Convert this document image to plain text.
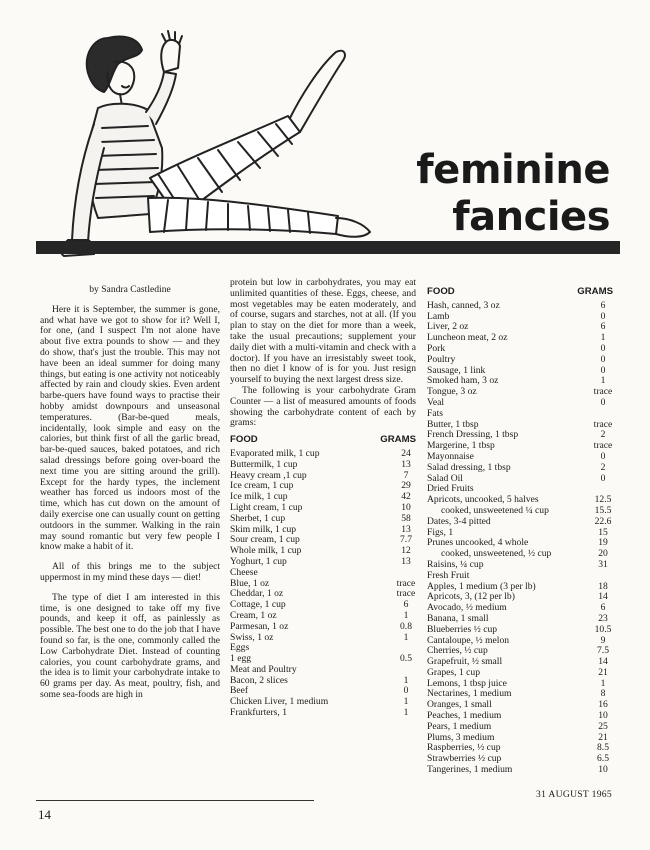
feminine
fancies
by Sandra Castledine

Here it is September, the summer is gone, and what have we got to show for it? Well I, for one, (and I suspect I'm not alone have about five extra pounds to show — and they do show, that's just the trouble. This may not have been an ideal summer for doing many things, but eating is one activity not noticeably affected by rain and cloudy skies. Even ardent barbe-quers have found ways to practise their hobby amidst downpours and unseasonal temperatures. (Bar-be-qued meals, incidentally, look simple and easy on the calories, but think first of all the garlic bread, bar-be-qued sauces, baked potatoes, and rich salad dressings before going over-board the next time you are sitting around the grill). Except for the hardy types, the inclement weather has forced us indoors most of the time, which has cut down on the amount of daily exercise one can usually count on getting outdoors in the summer. Walking in the rain may sound romantic but very few people I know make a habit of it.

All of this brings me to the subject uppermost in my mind these days — diet!

The type of diet I am interested in this time, is one designed to take off my five pounds, and keep it off, as painlessly as possible. The best one to do the job that I have found so far, is the one, commonly called the Low Carbohydrate Diet. Instead of counting calories, you count carbohydrate grams, and the idea is to limit your carbohydrate intake to 60 grams per day. As meat, poultry, fish, and some sea-foods are high in

protein but low in carbohydrates, you may eat unlimited quantities of these. Eggs, cheese, and most vegetables may be eaten moderately, and of course, sugars and starches, not at all. (If you plan to stay on the diet for more than a week, take the usual precautions; supplement your daily diet with a multi-vitamin and check with a doctor). If you have an irresistably sweet took, then no diet I know of is for you. Just resign yourself to buying the next largest dress size.

The following is your carbohydrate Gram Counter — a list of measured amounts of foods showing the carbohydrate content of each by grams:

FOOD	GRAMS
Evaporated milk, 1 cup	24
Buttermilk, 1 cup	13
Heavy cream ,1 cup	7
Ice cream, 1 cup	29
Ice milk, 1 cup	42
Light cream, 1 cup	10
Sherbet, 1 cup	58
Skim milk, 1 cup	13
Sour cream, 1 cup	7.7
Whole milk, 1 cup	12
Yoghurt, 1 cup	13
Cheese
Blue, 1 oz	trace
Cheddar, 1 oz	trace
Cottage, 1 cup	6
Cream, 1 oz	1
Parmesan, 1 oz	0.8
Swiss, 1 oz	1
Eggs
1 egg	0.5
Meat and Poultry
Bacon, 2 slices	1
Beef	0
Chicken Liver, 1 medium	1
Frankfurters, 1	1
FOOD	GRAMS
Hash, canned, 3 oz	6
Lamb	0
Liver, 2 oz	6
Luncheon meat, 2 oz	1
Pork	0
Poultry	0
Sausage, 1 link	0
Smoked ham, 3 oz	1
Tongue, 3 oz	trace
Veal	0
Fats
Butter, 1 tbsp	trace
French Dressing, 1 tbsp	2
Margerine, 1 tbsp	trace
Mayonnaise	0
Salad dressing, 1 tbsp	2
Salad Oil	0
Dried Fruits
Apricots, uncooked, 5 halves	12.5
cooked, unsweetened ¼ cup	15.5
Dates, 3-4 pitted	22.6
Figs, 1	15
Prunes uncooked, 4 whole	19
cooked, unsweetened, ½ cup	20
Raisins, ¼ cup	31
Fresh Fruit
Apples, 1 medium (3 per lb)	18
Apricots, 3, (12 per lb)	14
Avocado, ½ medium	6
Banana, 1 small	23
Blueberries ½ cup	10.5
Cantaloupe, ½ melon	9
Cherries, ½ cup	7.5
Grapefruit, ½ small	14
Grapes, 1 cup	21
Lemons, 1 tbsp juice	1
Nectarines, 1 medium	8
Oranges, 1 small	16
Peaches, 1 medium	10
Pears, 1 medium	25
Plums, 3 medium	21
Raspberries, ½ cup	8.5
Strawberries ½ cup	6.5
Tangerines, 1 medium	10
31 AUGUST 1965
14
